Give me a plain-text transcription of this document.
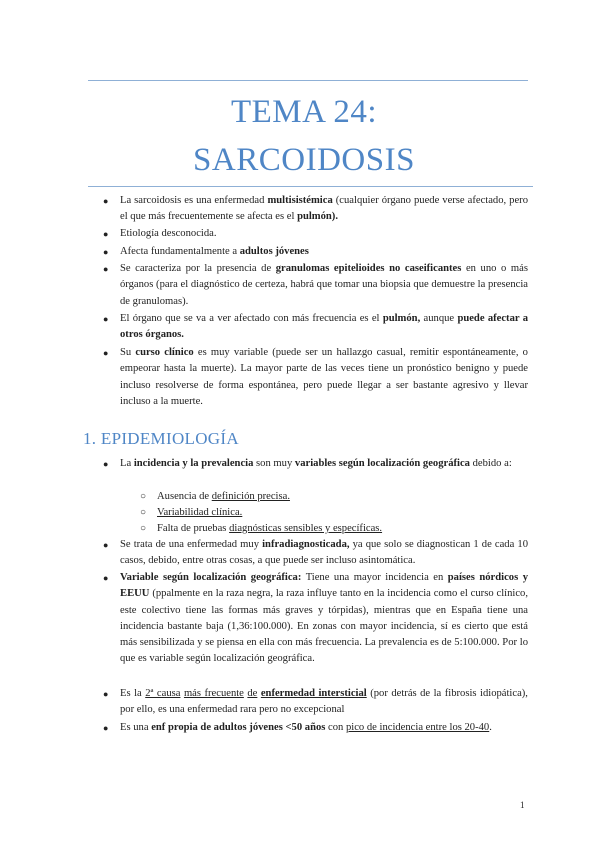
TEMA 24:
SARCOIDOSIS
● La sarcoidosis es una enfermedad multisistémica (cualquier órgano puede verse afectado, pero el que más frecuentemente se afecta es el pulmón).
● Etiología desconocida.
● Afecta fundamentalmente a adultos jóvenes
● Se caracteriza por la presencia de granulomas epitelioides no caseificantes en uno o más órganos (para el diagnóstico de certeza, habrá que tomar una biopsia que demuestre la presencia de granulomas).
● El órgano que se va a ver afectado con más frecuencia es el pulmón, aunque puede afectar a otros órganos.
● Su curso clínico es muy variable (puede ser un hallazgo casual, remitir espontáneamente, o empeorar hasta la muerte). La mayor parte de las veces tiene un pronóstico benigno y puede incluso resolverse de forma espontánea, pero puede llegar a ser bastante agresivo y llevar incluso a la muerte.
1. EPIDEMIOLOGÍA
● La incidencia y la prevalencia son muy variables según localización geográfica debido a:
○ Ausencia de definición precisa.
○ Variabilidad clínica.
○ Falta de pruebas diagnósticas sensibles y específicas.
● Se trata de una enfermedad muy infradiagnosticada, ya que solo se diagnostican 1 de cada 10 casos, debido, entre otras cosas, a que puede ser incluso asintomática.
● Variable según localización geográfica: Tiene una mayor incidencia en países nórdicos y EEUU (ppalmente en la raza negra, la raza influye tanto en la incidencia como el curso clínico, este colectivo tiene las formas más graves y tórpidas), mientras que en España tiene una incidencia bastante baja (1,36:100.000). En zonas con mayor incidencia, sí es cierto que está más sensibilizada y se piensa en ella con más frecuencia. La prevalencia es de 5:100.000. Por lo que es variable según localización geográfica.
● Es la 2ª causa más frecuente de enfermedad intersticial (por detrás de la fibrosis idiopática), por ello, es una enfermedad rara pero no excepcional
● Es una enf propia de adultos jóvenes <50 años con pico de incidencia entre los 20-40.
1
